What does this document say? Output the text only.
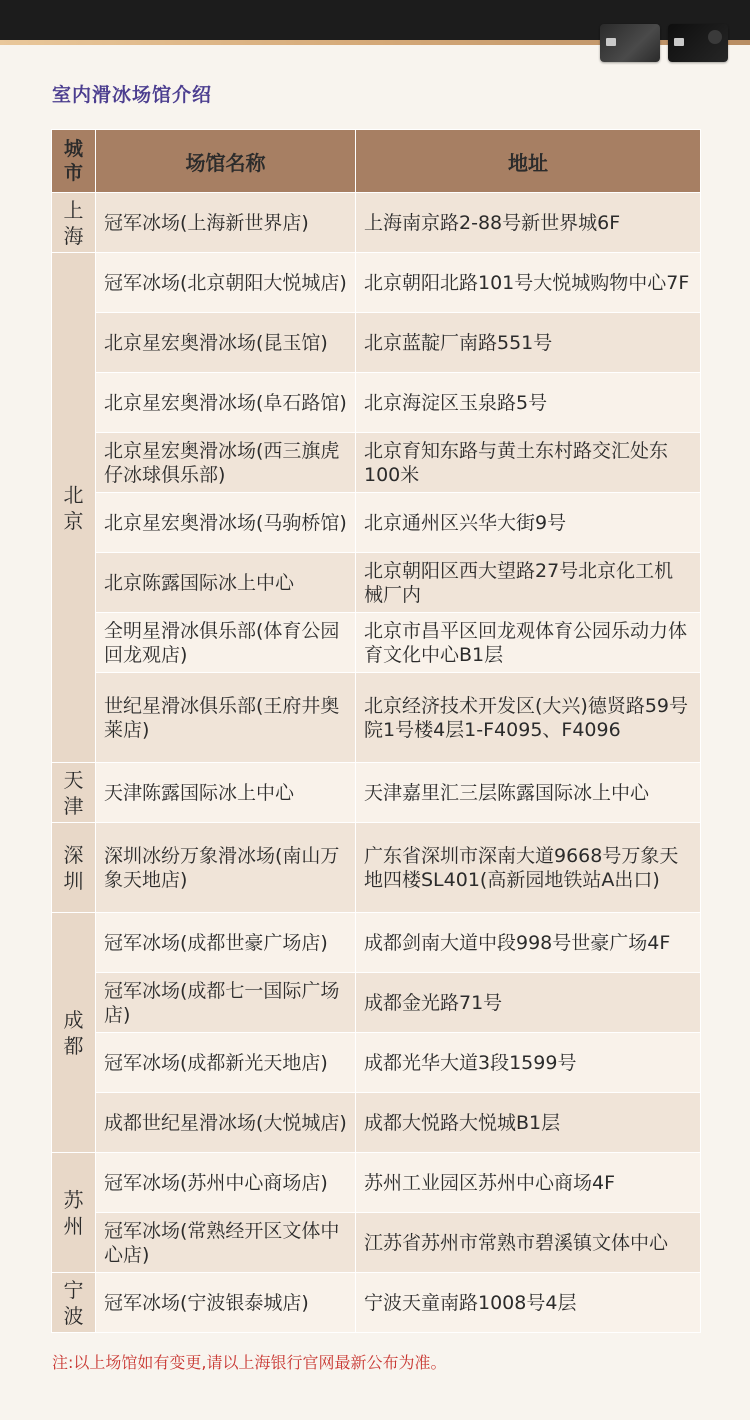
室内滑冰场馆介绍
城市	场馆名称	地址
上海	冠军冰场(上海新世界店)	上海南京路2-88号新世界城6F
北京	冠军冰场(北京朝阳大悦城店)	北京朝阳北路101号大悦城购物中心7F
	北京星宏奥滑冰场(昆玉馆)	北京蓝靛厂南路551号
	北京星宏奥滑冰场(阜石路馆)	北京海淀区玉泉路5号
	北京星宏奥滑冰场(西三旗虎仔冰球俱乐部)	北京育知东路与黄土东村路交汇处东100米
	北京星宏奥滑冰场(马驹桥馆)	北京通州区兴华大街9号
	北京陈露国际冰上中心	北京朝阳区西大望路27号北京化工机械厂内
	全明星滑冰俱乐部(体育公园回龙观店)	北京市昌平区回龙观体育公园乐动力体育文化中心B1层
	世纪星滑冰俱乐部(王府井奥莱店)	北京经济技术开发区(大兴)德贤路59号院1号楼4层1-F4095、F4096
天津	天津陈露国际冰上中心	天津嘉里汇三层陈露国际冰上中心
深圳	深圳冰纷万象滑冰场(南山万象天地店)	广东省深圳市深南大道9668号万象天地四楼SL401(高新园地铁站A出口)
成都	冠军冰场(成都世豪广场店)	成都剑南大道中段998号世豪广场4F
	冠军冰场(成都七一国际广场店)	成都金光路71号
	冠军冰场(成都新光天地店)	成都光华大道3段1599号
	成都世纪星滑冰场(大悦城店)	成都大悦路大悦城B1层
苏州	冠军冰场(苏州中心商场店)	苏州工业园区苏州中心商场4F
	冠军冰场(常熟经开区文体中心店)	江苏省苏州市常熟市碧溪镇文体中心
宁波	冠军冰场(宁波银泰城店)	宁波天童南路1008号4层
注:以上场馆如有变更,请以上海银行官网最新公布为准。
